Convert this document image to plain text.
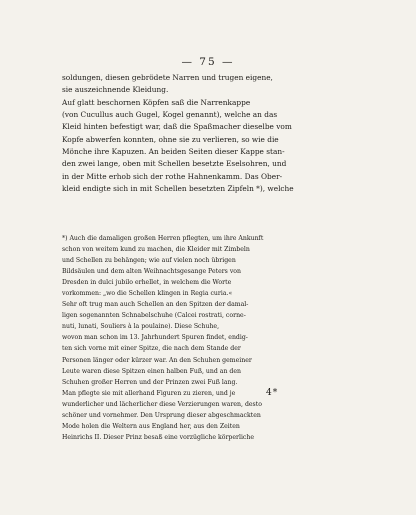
— 75 —
soldungen, diesen gebrödete Narren und trugen eigene,
sie auszeichnende Kleidung.
Auf glatt beschornen Köpfen saß die Narrenkappe
(von Cucullus auch Gugel, Kogel genannt), welche an das
Kleid hinten befestigt war, daß die Spaßmacher dieselbe vom
Kopfe abwerfen konnten, ohne sie zu verlieren, so wie die
Mönche ihre Kapuzen. An beiden Seiten dieser Kappe stan-
den zwei lange, oben mit Schellen besetzte Eselsohren, und
in der Mitte erhob sich der rothe Hahnenkamm. Das Ober-
kleid endigte sich in mit Schellen besetzten Zipfeln *), welche
*) Auch die damaligen großen Herren pflegten, um ihre Ankunft
schon von weitem kund zu machen, die Kleider mit Zimbeln
und Schellen zu behängen; wie auf vielen noch übrigen
Bildsäulen und dem alten Weihnachtsgesange Peters von
Dresden in dulci jubilo erhellet, in welchem die Worte
vorkommen: „wo die Schellen klingen in Regia curia.«
Sehr oft trug man auch Schellen an den Spitzen der damal-
ligen sogenannten Schnabelschuhe (Calcei rostrati, corne-
nuti, lunati, Souliers à la poulaine). Diese Schuhe,
wovon man schon im 13. Jahrhundert Spuren findet, endig-
ten sich vorne mit einer Spitze, die nach dem Stande der
Personen länger oder kürzer war. An den Schuhen gemeiner
Leute waren diese Spitzen einen halben Fuß, und an den
Schuhen großer Herren und der Prinzen zwei Fuß lang.
Man pflegte sie mit allerhand Figuren zu zieren, und je
wunderlicher und lächerlicher diese Verzierungen waren, desto
schöner und vornehmer. Den Ursprung dieser abgeschmackten
Mode holen die Weltern aus England her, aus den Zeiten
Heinrichs II. Dieser Prinz besaß eine vorzügliche körperliche
4*
